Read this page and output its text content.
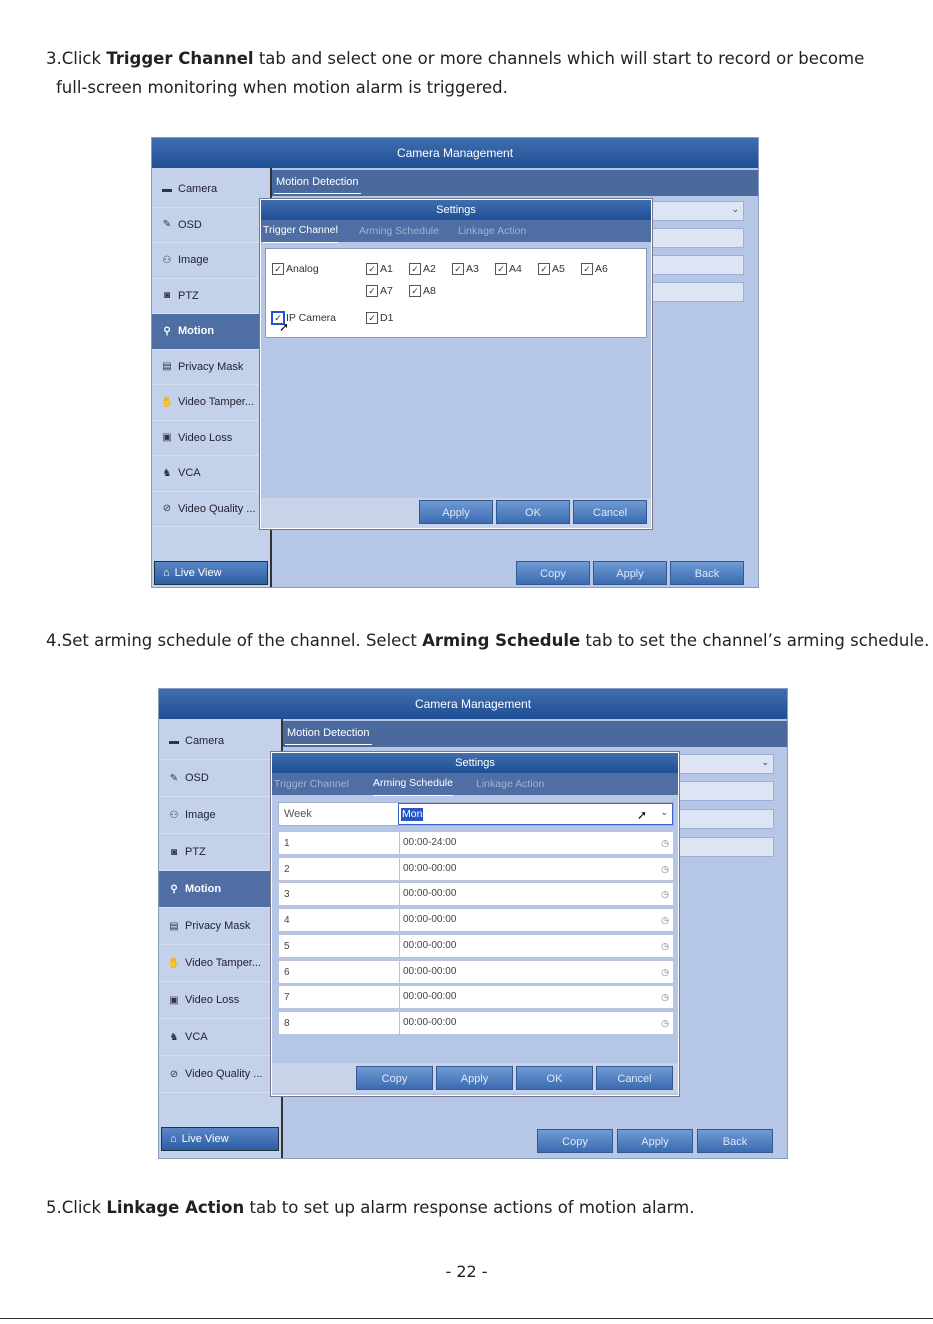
3.Click Trigger Channel tab and select one or more channels which will start to record or become
full-screen monitoring when motion alarm is triggered.

Camera Management
Motion Detection
▬ Camera
✎ OSD
⚇ Image
◙ PTZ
⚲ Motion
▤ Privacy Mask
✋ Video Tamper...
▣ Video Loss
♞ VCA
⊘ Video Quality ...
⌂ Live View
⌄
Copy	Apply	Back
Settings
Trigger Channel Arming Schedule Linkage Action
✓ Analog	✓ A1 ✓ A2 ✓ A3 ✓ A4 ✓ A5 ✓ A6
✓ A7 ✓ A8
✓ IP Camera	✓ D1
➚
Apply	OK	Cancel

4.Set arming schedule of the channel. Select Arming Schedule tab to set the channel’s arming schedule.

Camera Management
Motion Detection
▬ Camera
✎ OSD
⚇ Image
◙ PTZ
⚲ Motion
▤ Privacy Mask
✋ Video Tamper...
▣ Video Loss
♞ VCA
⊘ Video Quality ...
⌂ Live View
⌄
Copy	Apply	Back
Settings
Trigger Channel Arming Schedule Linkage Action
Week	Mon	⌄
➚
1	00:00-24:00	◷
2	00:00-00:00	◷
3	00:00-00:00	◷
4	00:00-00:00	◷
5	00:00-00:00	◷
6	00:00-00:00	◷
7	00:00-00:00	◷
8	00:00-00:00	◷
Copy	Apply	OK	Cancel

5.Click Linkage Action tab to set up alarm response actions of motion alarm.

- 22 -
